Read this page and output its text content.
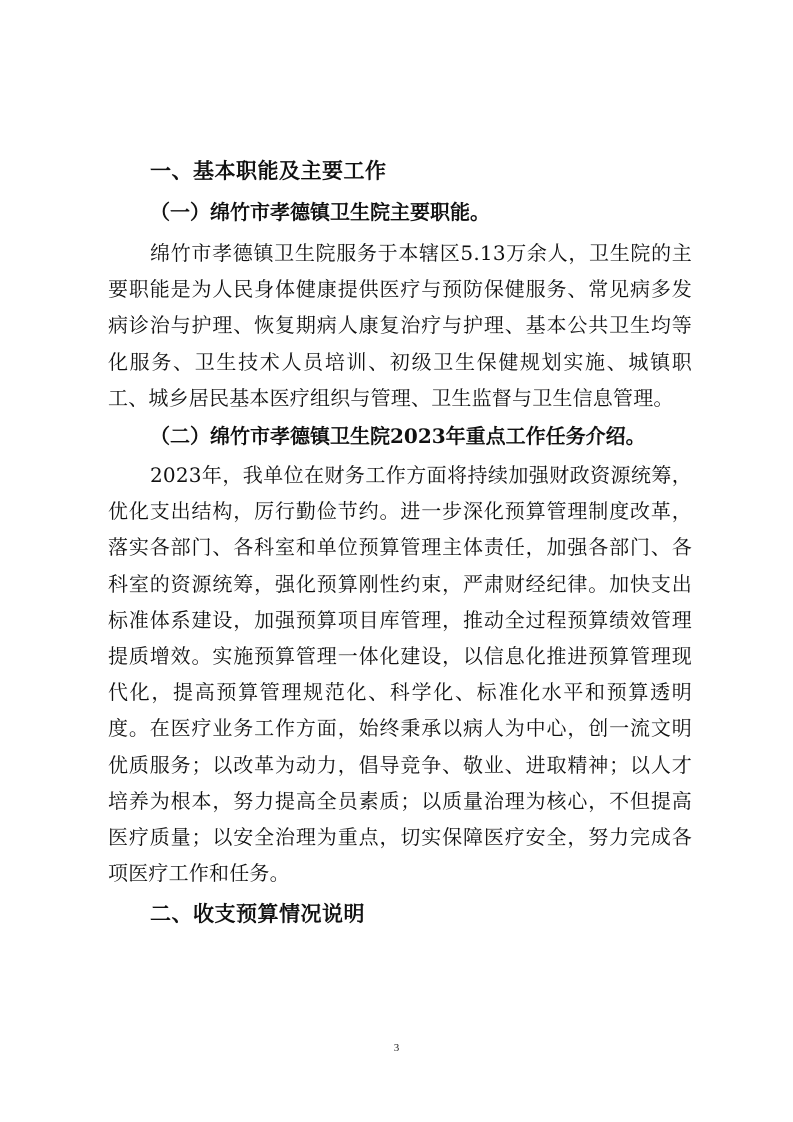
一、基本职能及主要工作
（一）绵竹市孝德镇卫生院主要职能。

绵竹市孝德镇卫生院服务于本辖区5.13万余人，卫生院的主要职能是为人民身体健康提供医疗与预防保健服务、常见病多发病诊治与护理、恢复期病人康复治疗与护理、基本公共卫生均等化服务、卫生技术人员培训、初级卫生保健规划实施、城镇职工、城乡居民基本医疗组织与管理、卫生监督与卫生信息管理。

（二）绵竹市孝德镇卫生院2023年重点工作任务介绍。

2023年，我单位在财务工作方面将持续加强财政资源统筹，优化支出结构，厉行勤俭节约。进一步深化预算管理制度改革，落实各部门、各科室和单位预算管理主体责任，加强各部门、各科室的资源统筹，强化预算刚性约束，严肃财经纪律。加快支出标准体系建设，加强预算项目库管理，推动全过程预算绩效管理提质增效。实施预算管理一体化建设，以信息化推进预算管理现代化，提高预算管理规范化、科学化、标准化水平和预算透明度。在医疗业务工作方面，始终秉承以病人为中心，创一流文明优质服务；以改革为动力，倡导竞争、敬业、进取精神；以人才培养为根本，努力提高全员素质；以质量治理为核心，不但提高医疗质量；以安全治理为重点，切实保障医疗安全，努力完成各项医疗工作和任务。

二、收支预算情况说明
3
